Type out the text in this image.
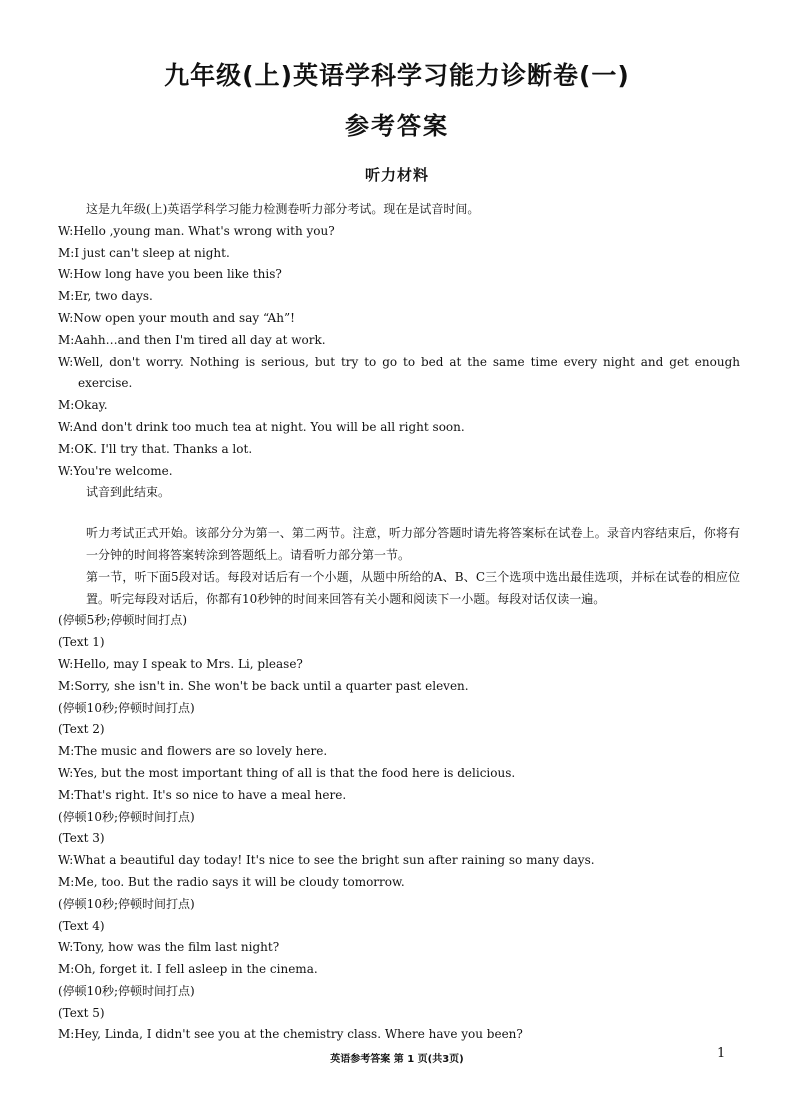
九年级(上)英语学科学习能力诊断卷(一)
参考答案
听力材料
这是九年级(上)英语学科学习能力检测卷听力部分考试。现在是试音时间。
W:Hello ,young man. What's wrong with you?
M:I just can't sleep at night.
W:How long have you been like this?
M:Er, two days.
W:Now open your mouth and say “Ah”!
M:Aahh…and then I'm tired all day at work.
W:Well, don't worry. Nothing is serious, but try to go to bed at the same time every night and get enough exercise.
M:Okay.
W:And don't drink too much tea at night. You will be all right soon.
M:OK. I'll try that. Thanks a lot.
W:You're welcome.
试音到此结束。
听力考试正式开始。该部分分为第一、第二两节。注意，听力部分答题时请先将答案标在试卷上。录音内容结束后，你将有一分钟的时间将答案转涂到答题纸上。请看听力部分第一节。
第一节，听下面5段对话。每段对话后有一个小题，从题中所给的A、B、C三个选项中选出最佳选项，并标在试卷的相应位置。听完每段对话后，你都有10秒钟的时间来回答有关小题和阅读下一小题。每段对话仅读一遍。
(停顿5秒;停顿时间打点)
(Text 1)
W:Hello, may I speak to Mrs. Li, please?
M:Sorry, she isn't in. She won't be back until a quarter past eleven.
(停顿10秒;停顿时间打点)
(Text 2)
M:The music and flowers are so lovely here.
W:Yes, but the most important thing of all is that the food here is delicious.
M:That's right. It's so nice to have a meal here.
(停顿10秒;停顿时间打点)
(Text 3)
W:What a beautiful day today! It's nice to see the bright sun after raining so many days.
M:Me, too. But the radio says it will be cloudy tomorrow.
(停顿10秒;停顿时间打点)
(Text 4)
W:Tony, how was the film last night?
M:Oh, forget it. I fell asleep in the cinema.
(停顿10秒;停顿时间打点)
(Text 5)
M:Hey, Linda, I didn't see you at the chemistry class. Where have you been?
英语参考答案 第 1 页(共3页)	1
